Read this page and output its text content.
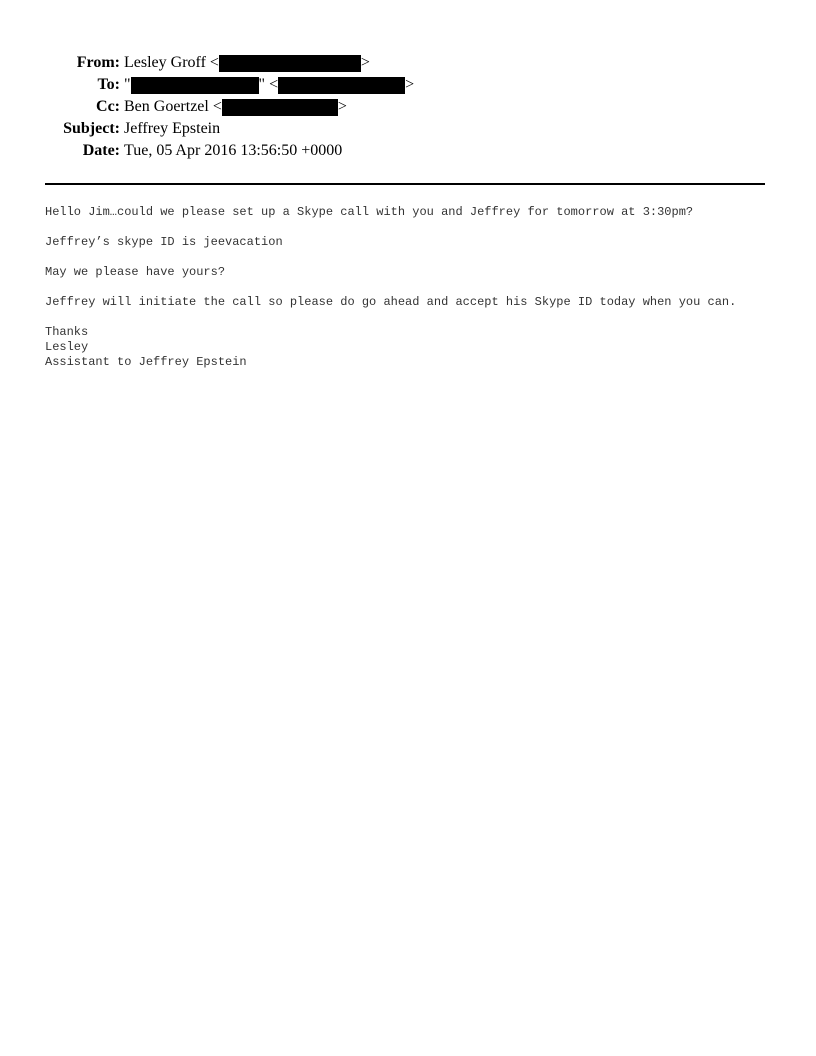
From: Lesley Groff <	>
To: "	" <	>
Cc: Ben Goertzel <	>
Subject: Jeffrey Epstein
Date: Tue, 05 Apr 2016 13:56:50 +0000

Hello Jim…could we please set up a Skype call with you and Jeffrey for tomorrow at 3:30pm?

Jeffrey’s skype ID is jeevacation

May we please have yours?

Jeffrey will initiate the call so please do go ahead and accept his Skype ID today when you can.

Thanks

Lesley

Assistant to Jeffrey Epstein
